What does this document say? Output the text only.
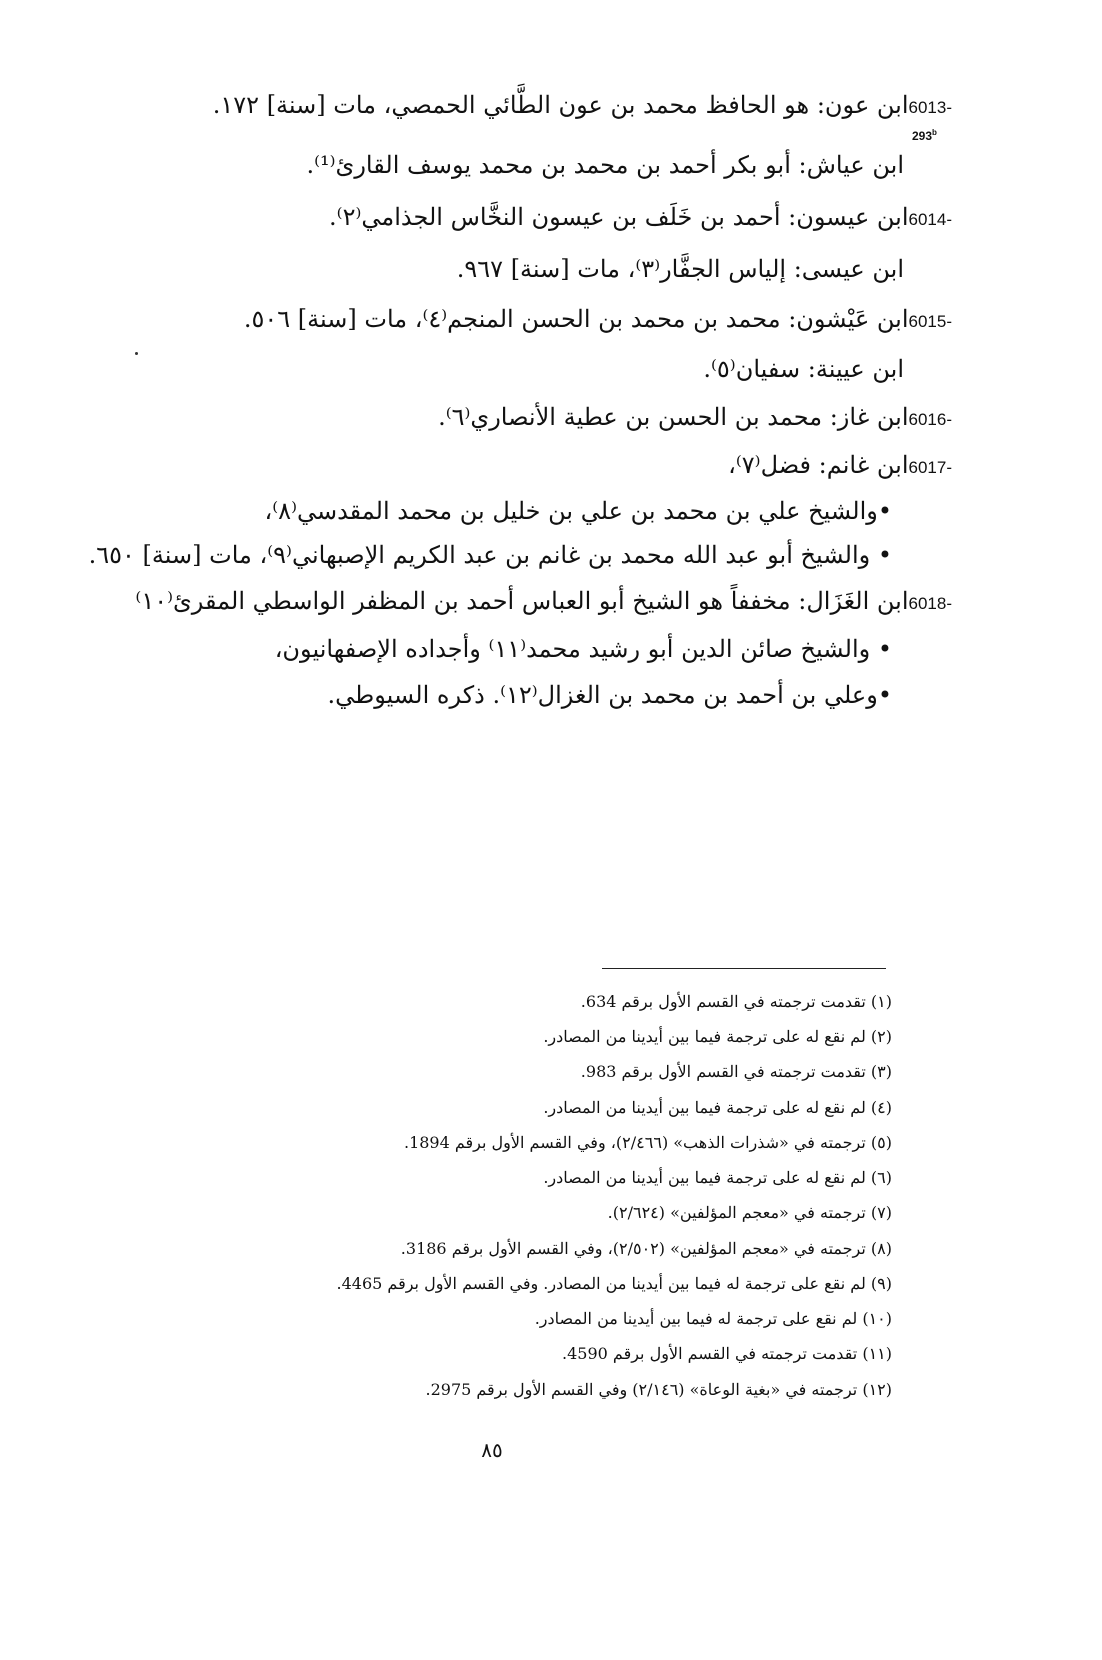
6013-ابن عون: هو الحافظ محمد بن عون الطَّائي الحمصي، مات [سنة] ١٧٢.
293$^b$
ابن عياش: أبو بكر أحمد بن محمد بن محمد يوسف القارئ⁽¹⁾.
6014-ابن عيسون: أحمد بن خَلَف بن عيسون النخَّاس الجذامي⁽٢⁾.
ابن عيسى: إلياس الجفَّار⁽٣⁾، مات [سنة] ٩٦٧.
6015-ابن عَيْشون: محمد بن محمد بن الحسن المنجم⁽٤⁾، مات [سنة] ٥٠٦.
ابن عيينة: سفيان⁽٥⁾.
6016-ابن غاز: محمد بن الحسن بن عطية الأنصاري⁽٦⁾.
6017-ابن غانم: فضل⁽٧⁾،
•والشيخ علي بن محمد بن علي بن خليل بن محمد المقدسي⁽٨⁾،
• والشيخ أبو عبد الله محمد بن غانم بن عبد الكريم الإصبهاني⁽٩⁾، مات [سنة] ٦٥٠.
6018-ابن الغَزَال: مخففاً هو الشيخ أبو العباس أحمد بن المظفر الواسطي المقرئ⁽١٠⁾
• والشيخ صائن الدين أبو رشيد محمد⁽١١⁾ وأجداده الإصفهانيون،
•وعلي بن أحمد بن محمد بن الغزال⁽١٢⁾. ذكره السيوطي.
(١) تقدمت ترجمته في القسم الأول برقم 634.
(٢) لم نقع له على ترجمة فيما بين أيدينا من المصادر.
(٣) تقدمت ترجمته في القسم الأول برقم 983.
(٤) لم نقع له على ترجمة فيما بين أيدينا من المصادر.
(٥) ترجمته في «شذرات الذهب» (٢/٤٦٦)، وفي القسم الأول برقم 1894.
(٦) لم نقع له على ترجمة فيما بين أيدينا من المصادر.
(٧) ترجمته في «معجم المؤلفين» (٢/٦٢٤).
(٨) ترجمته في «معجم المؤلفين» (٢/٥٠٢)، وفي القسم الأول برقم 3186.
(٩) لم نقع على ترجمة له فيما بين أيدينا من المصادر. وفي القسم الأول برقم 4465.
(١٠) لم نقع على ترجمة له فيما بين أيدينا من المصادر.
(١١) تقدمت ترجمته في القسم الأول برقم 4590.
(١٢) ترجمته في «بغية الوعاة» (٢/١٤٦) وفي القسم الأول برقم 2975.
٨٥
